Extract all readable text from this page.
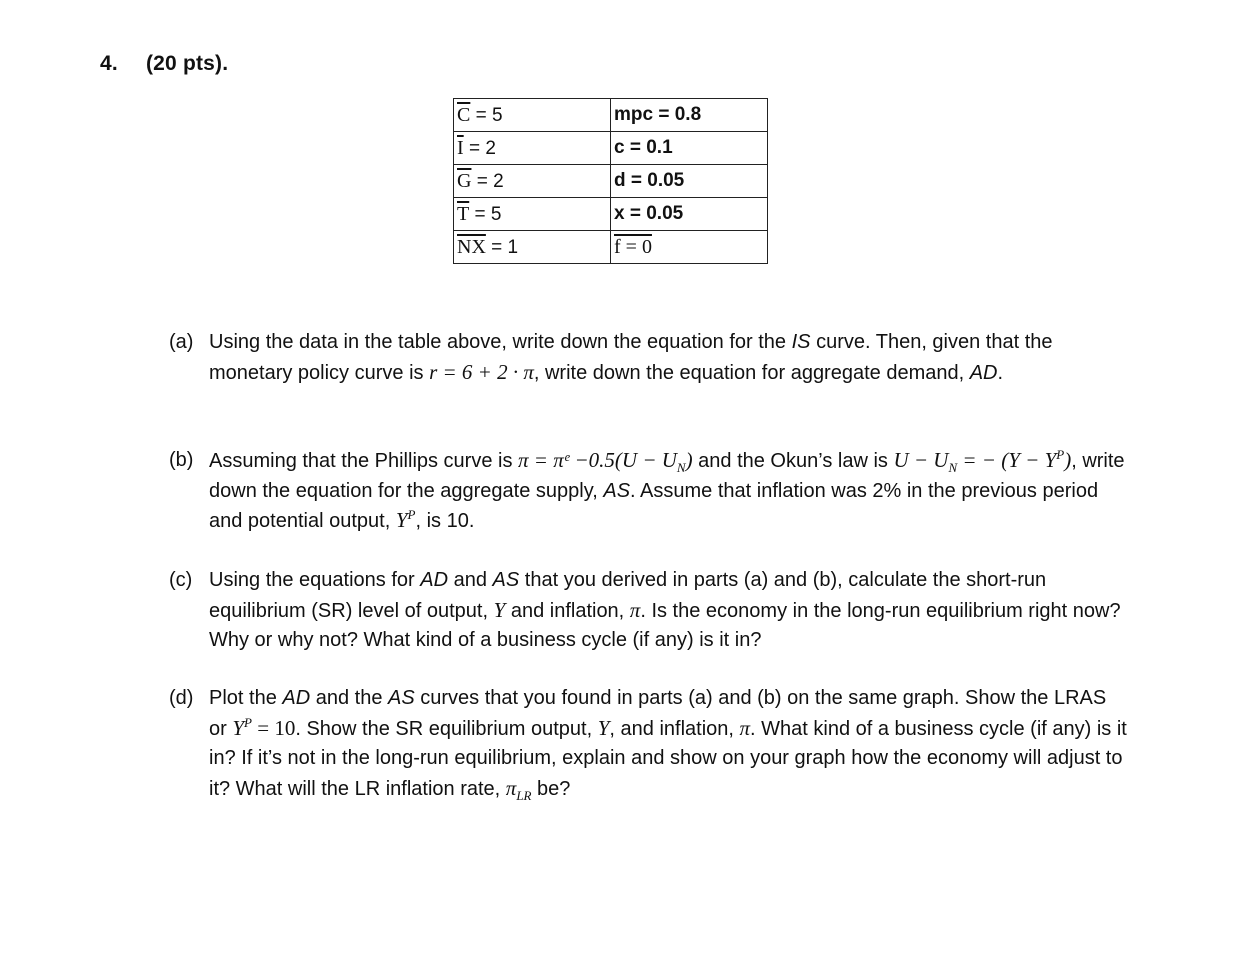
4. (20 pts).
$\overline{C} = 5$	mpc = 0.8
$\overline{I} = 2$	c = 0.1
$\overline{G} = 2$	d = 0.05
$\overline{T} = 5$	x = 0.05
$\overline{NX} = 1$	f = 0
(a) Using the data in the table above, write down the equation for the IS curve. Then, given that the monetary policy curve is r = 6 + 2 · π, write down the equation for aggregate demand, AD.
(b) Assuming that the Phillips curve is π = πᵉ $-0.5(U - U_N)$ and the Okun’s law is $U - U_N$ = − $(Y - Y^P)$, write down the equation for the aggregate supply, AS. Assume that inflation was 2% in the previous period and potential output, $Y^P$, is 10.
(c) Using the equations for AD and AS that you derived in parts (a) and (b), calculate the short-run equilibrium (SR) level of output, Y and inflation, π. Is the economy in the long-run equilibrium right now? Why or why not? What kind of a business cycle (if any) is it in?
(d) Plot the AD and the AS curves that you found in parts (a) and (b) on the same graph. Show the LRAS or $Y^P = 10$. Show the SR equilibrium output, Y, and inflation, π. What kind of a business cycle (if any) is it in? If it’s not in the long-run equilibrium, explain and show on your graph how the economy will adjust to it? What will the LR inflation rate, $\pi_{LR}$ be?
